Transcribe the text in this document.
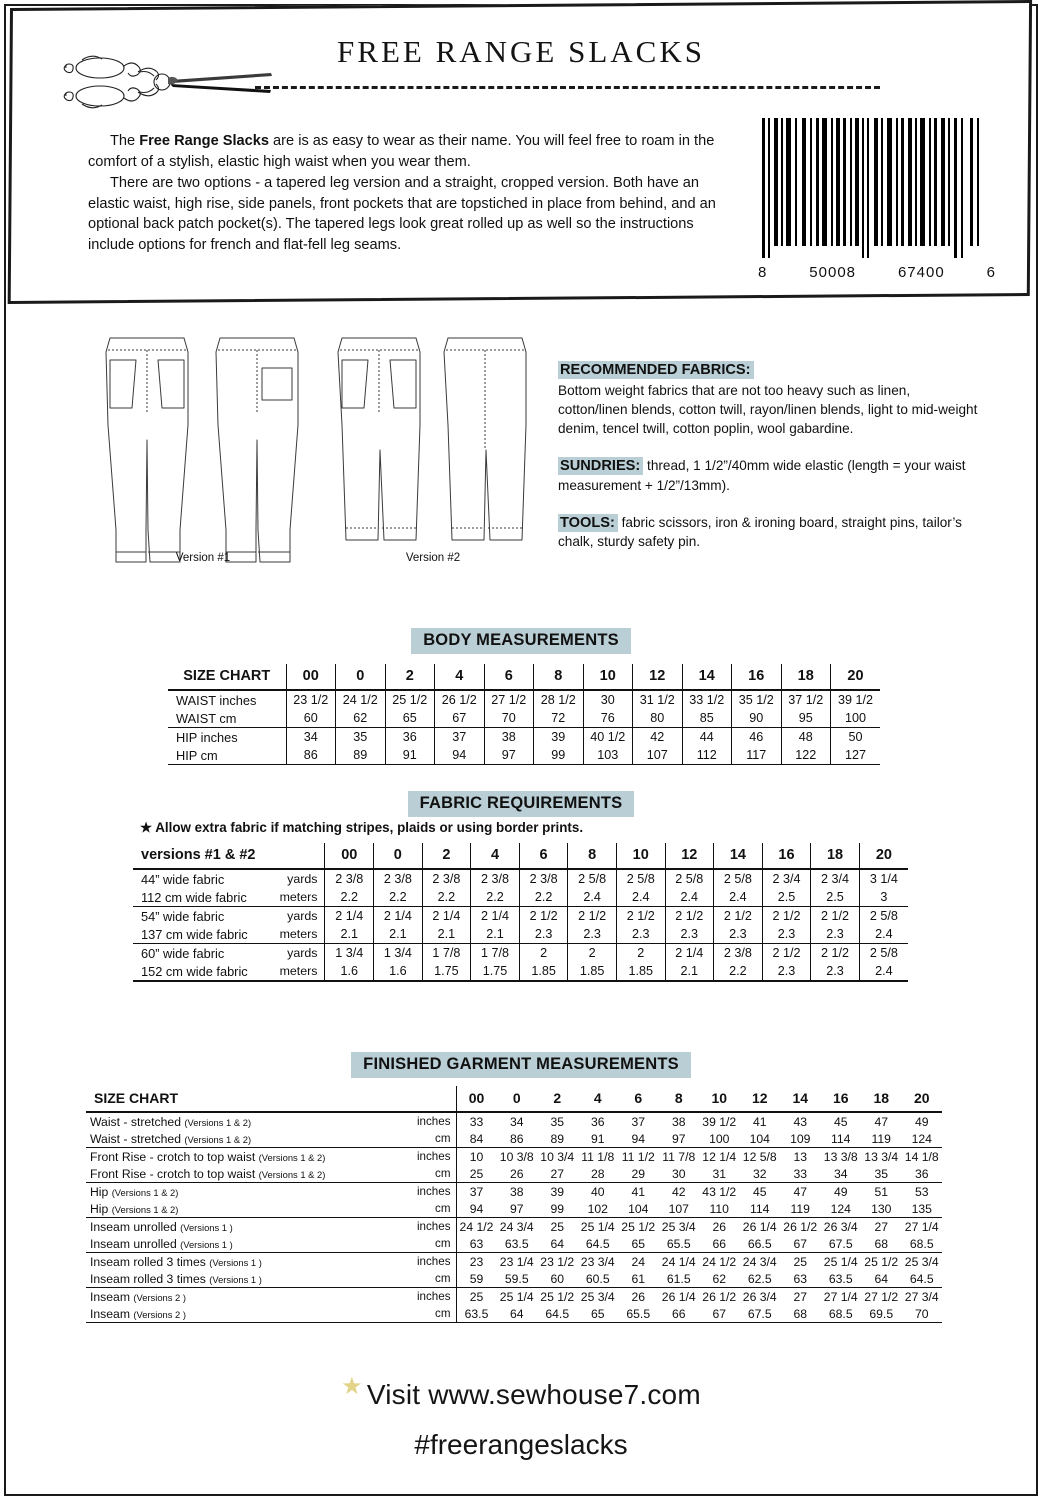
FREE RANGE SLACKS

The Free Range Slacks are is as easy to wear as their name. You will feel free to roam in the comfort of a stylish, elastic high waist when you wear them.

There are two options - a tapered leg version and a straight, cropped version. Both have an elastic waist, high rise, side panels, front pockets that are topstiched in place from behind, and an optional back patch pocket(s). The tapered legs look great rolled up as well so the instructions include options for french and flat-fell leg seams.

8	50008	67400	6
Version #1	Version #2
RECOMMENDED FABRICS:
Bottom weight fabrics that are not too heavy such as linen, cotton/linen blends, cotton twill, rayon/linen blends, light to mid-weight denim, tencel twill, cotton poplin, wool gabardine.
SUNDRIES: thread, 1 1/2”/40mm wide elastic (length = your waist measurement + 1/2”/13mm).
TOOLS: fabric scissors, iron & ironing board, straight pins, tailor’s chalk, sturdy safety pin.
BODY MEASUREMENTS
SIZE CHART	00	0	2	4	6	8	10	12	14	16	18	20
WAIST inches	23 1/2	24 1/2	25 1/2	26 1/2	27 1/2	28 1/2	30	31 1/2	33 1/2	35 1/2	37 1/2	39 1/2
WAIST cm	60	62	65	67	70	72	76	80	85	90	95	100
HIP inches	34	35	36	37	38	39	40 1/2	42	44	46	48	50
HIP cm	86	89	91	94	97	99	103	107	112	117	122	127

FABRIC REQUIREMENTS
★ Allow extra fabric if matching stripes, plaids or using border prints.
versions #1 & #2		00	0	2	4	6	8	10	12	14	16	18	20
44” wide fabric	yards	2 3/8	2 3/8	2 3/8	2 3/8	2 3/8	2 5/8	2 5/8	2 5/8	2 5/8	2 3/4	2 3/4	3 1/4
112 cm wide fabric	meters	2.2	2.2	2.2	2.2	2.2	2.4	2.4	2.4	2.4	2.5	2.5	3
54” wide fabric	yards	2 1/4	2 1/4	2 1/4	2 1/4	2 1/2	2 1/2	2 1/2	2 1/2	2 1/2	2 1/2	2 1/2	2 5/8
137 cm wide fabric	meters	2.1	2.1	2.1	2.1	2.3	2.3	2.3	2.3	2.3	2.3	2.3	2.4
60” wide fabric	yards	1 3/4	1 3/4	1 7/8	1 7/8	2	2	2	2 1/4	2 3/8	2 1/2	2 1/2	2 5/8
152 cm wide fabric	meters	1.6	1.6	1.75	1.75	1.85	1.85	1.85	2.1	2.2	2.3	2.3	2.4

FINISHED GARMENT MEASUREMENTS
SIZE CHART		00	0	2	4	6	8	10	12	14	16	18	20

Waist - stretched (Versions 1 & 2)	inches	33	34	35	36	37	38	39 1/2	41	43	45	47	49
Waist - stretched (Versions 1 & 2)	cm	84	86	89	91	94	97	100	104	109	114	119	124
Front Rise - crotch to top waist (Versions 1 & 2)	inches	10	10 3/8	10 3/4	11 1/8	11 1/2	11 7/8	12 1/4	12 5/8	13	13 3/8	13 3/4	14 1/8
Front Rise - crotch to top waist (Versions 1 & 2)	cm	25	26	27	28	29	30	31	32	33	34	35	36
Hip (Versions 1 & 2)	inches	37	38	39	40	41	42	43 1/2	45	47	49	51	53
Hip (Versions 1 & 2)	cm	94	97	99	102	104	107	110	114	119	124	130	135
Inseam unrolled (Versions 1 )	inches	24 1/2	24 3/4	25	25 1/4	25 1/2	25 3/4	26	26 1/4	26 1/2	26 3/4	27	27 1/4
Inseam unrolled (Versions 1 )	cm	63	63.5	64	64.5	65	65.5	66	66.5	67	67.5	68	68.5
Inseam rolled 3 times (Versions 1 )	inches	23	23 1/4	23 1/2	23 3/4	24	24 1/4	24 1/2	24 3/4	25	25 1/4	25 1/2	25 3/4
Inseam rolled 3 times (Versions 1 )	cm	59	59.5	60	60.5	61	61.5	62	62.5	63	63.5	64	64.5
Inseam (Versions 2 )	inches	25	25 1/4	25 1/2	25 3/4	26	26 1/4	26 1/2	26 3/4	27	27 1/4	27 1/2	27 3/4
Inseam (Versions 2 )	cm	63.5	64	64.5	65	65.5	66	67	67.5	68	68.5	69.5	70

★ Visit www.sewhouse7.com
#freerangeslacks
